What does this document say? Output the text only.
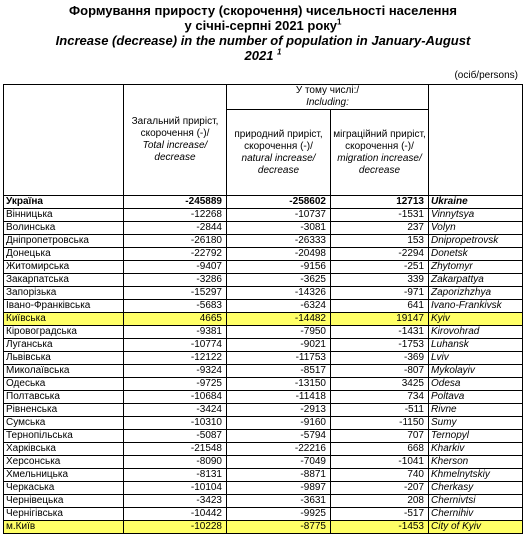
Формування приросту (скорочення) чисельності населення
у січні-серпні 2021 року$^1$
Increase (decrease) in the number of population in January-August
2021 $^1$
(осіб/persons)
	Загальний приріст, скорочення (-)/
Total increase/ decrease	У тому числі:/
Including:		
		природний приріст, скорочення (-)/
natural increase/ decrease	міграційний приріст, скорочення (-)/
migration increase/ decrease	
Україна	-245889	-258602	12713	Ukraine
Вінницька	-12268	-10737	-1531	Vinnytsya
Волинська	-2844	-3081	237	Volyn
Дніпропетровська	-26180	-26333	153	Dnipropetrovsk
Донецька	-22792	-20498	-2294	Donetsk
Житомирська	-9407	-9156	-251	Zhytomyr
Закарпатська	-3286	-3625	339	Zakarpattya
Запорізька	-15297	-14326	-971	Zaporizhzhya
Івано-Франківська	-5683	-6324	641	Ivano-Frankivsk
Київська	4665	-14482	19147	Kyiv
Кіровоградська	-9381	-7950	-1431	Kirovohrad
Луганська	-10774	-9021	-1753	Luhansk
Львівська	-12122	-11753	-369	Lviv
Миколаївська	-9324	-8517	-807	Mykolayiv
Одеська	-9725	-13150	3425	Odesa
Полтавська	-10684	-11418	734	Poltava
Рівненська	-3424	-2913	-511	Rivne
Сумська	-10310	-9160	-1150	Sumy
Тернопільська	-5087	-5794	707	Ternopyl
Харківська	-21548	-22216	668	Kharkiv
Херсонська	-8090	-7049	-1041	Kherson
Хмельницька	-8131	-8871	740	Khmelnytskiy
Черкаська	-10104	-9897	-207	Cherkasy
Чернівецька	-3423	-3631	208	Chernivtsi
Чернігівська	-10442	-9925	-517	Chernihiv
м.Київ	-10228	-8775	-1453	City of Kyiv
